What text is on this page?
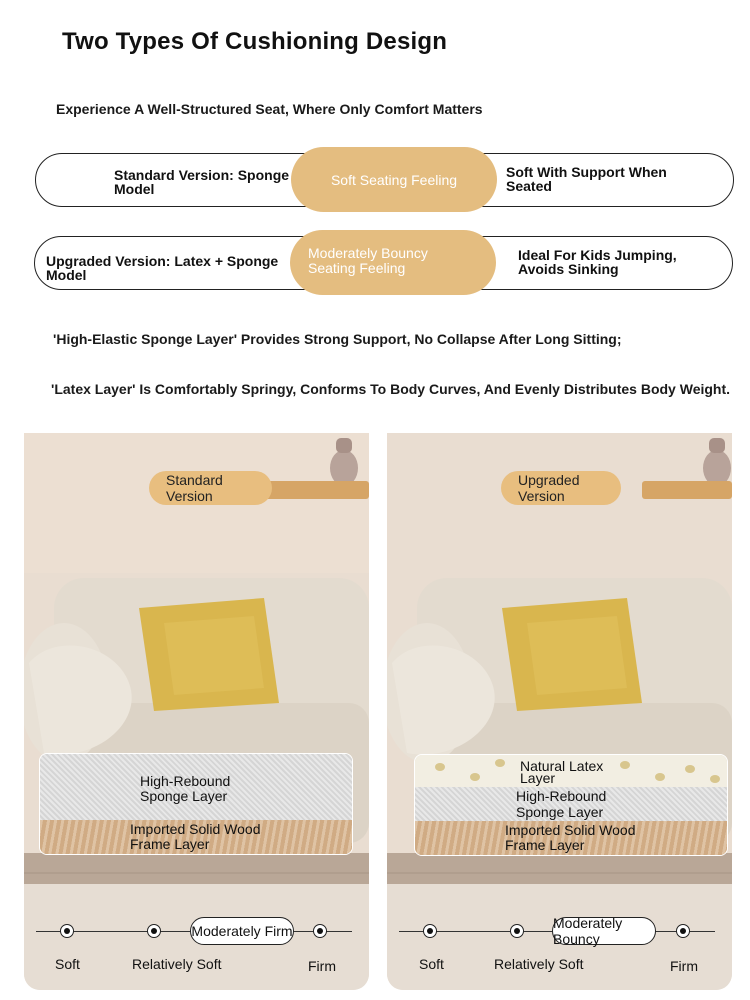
Two Types Of Cushioning Design
Experience A Well-Structured Seat, Where Only Comfort Matters
Standard Version: Sponge Model
Soft With Support When Seated
Soft Seating Feeling
Upgraded Version: Latex + Sponge Model
Ideal For Kids Jumping, Avoids Sinking
Moderately Bouncy Seating Feeling
'High-Elastic Sponge Layer' Provides Strong Support, No Collapse After Long Sitting;
'Latex Layer' Is Comfortably Springy, Conforms To Body Curves, And Evenly Distributes Body Weight.
Standard Version
High-Rebound Sponge Layer
Imported Solid Wood Frame Layer
Moderately Firm
Soft	Relatively Soft	Firm
Upgraded Version
Natural Latex Layer
High-Rebound Sponge Layer
Imported Solid Wood Frame Layer
Moderately Bouncy
Soft	Relatively Soft	Firm
